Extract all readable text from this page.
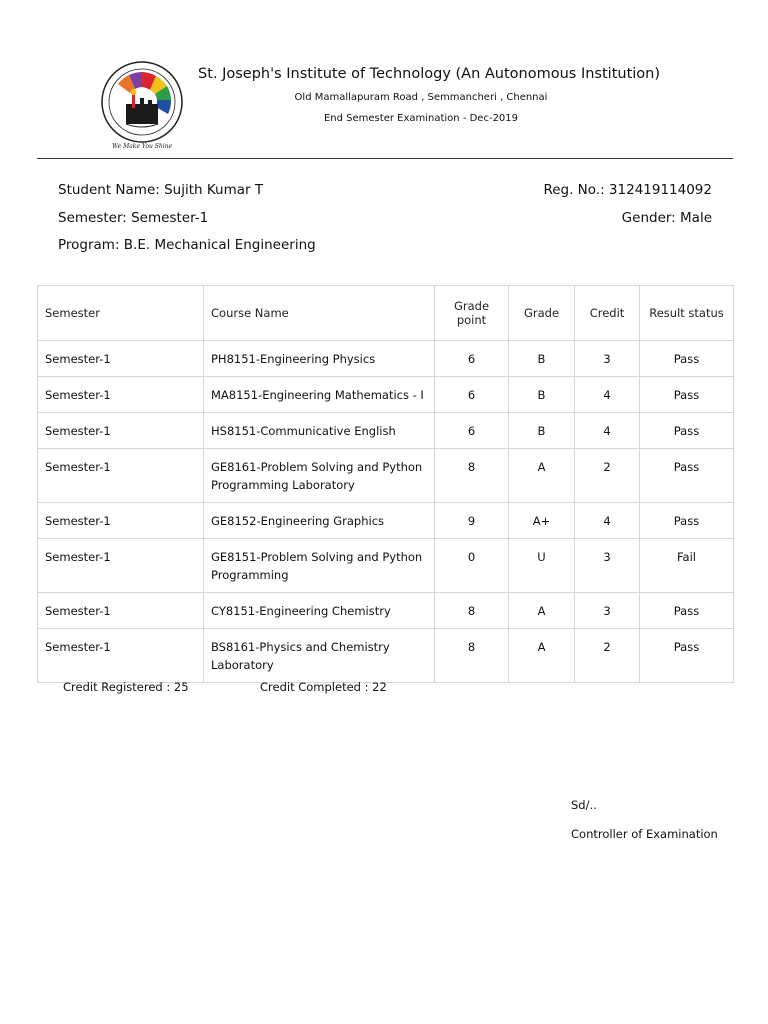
We Make You Shine
St. Joseph's Institute of Technology (An Autonomous Institution)
Old Mamallapuram Road , Semmancheri , Chennai
End Semester Examination - Dec-2019
Student Name: Sujith Kumar T	Reg. No.: 312419114092
Semester: Semester-1	Gender: Male
Program: B.E. Mechanical Engineering
Semester	Course Name	Grade point	Grade	Credit	Result status
Semester-1	PH8151-Engineering Physics	6	B	3	Pass
Semester-1	MA8151-Engineering Mathematics - I	6	B	4	Pass
Semester-1	HS8151-Communicative English	6	B	4	Pass
Semester-1	GE8161-Problem Solving and Python Programming Laboratory	8	A	2	Pass
Semester-1	GE8152-Engineering Graphics	9	A+	4	Pass
Semester-1	GE8151-Problem Solving and Python Programming	0	U	3	Fail
Semester-1	CY8151-Engineering Chemistry	8	A	3	Pass
Semester-1	BS8161-Physics and Chemistry Laboratory	8	A	2	Pass
Credit Registered : 25	Credit Completed : 22
Sd/..
Controller of Examination
